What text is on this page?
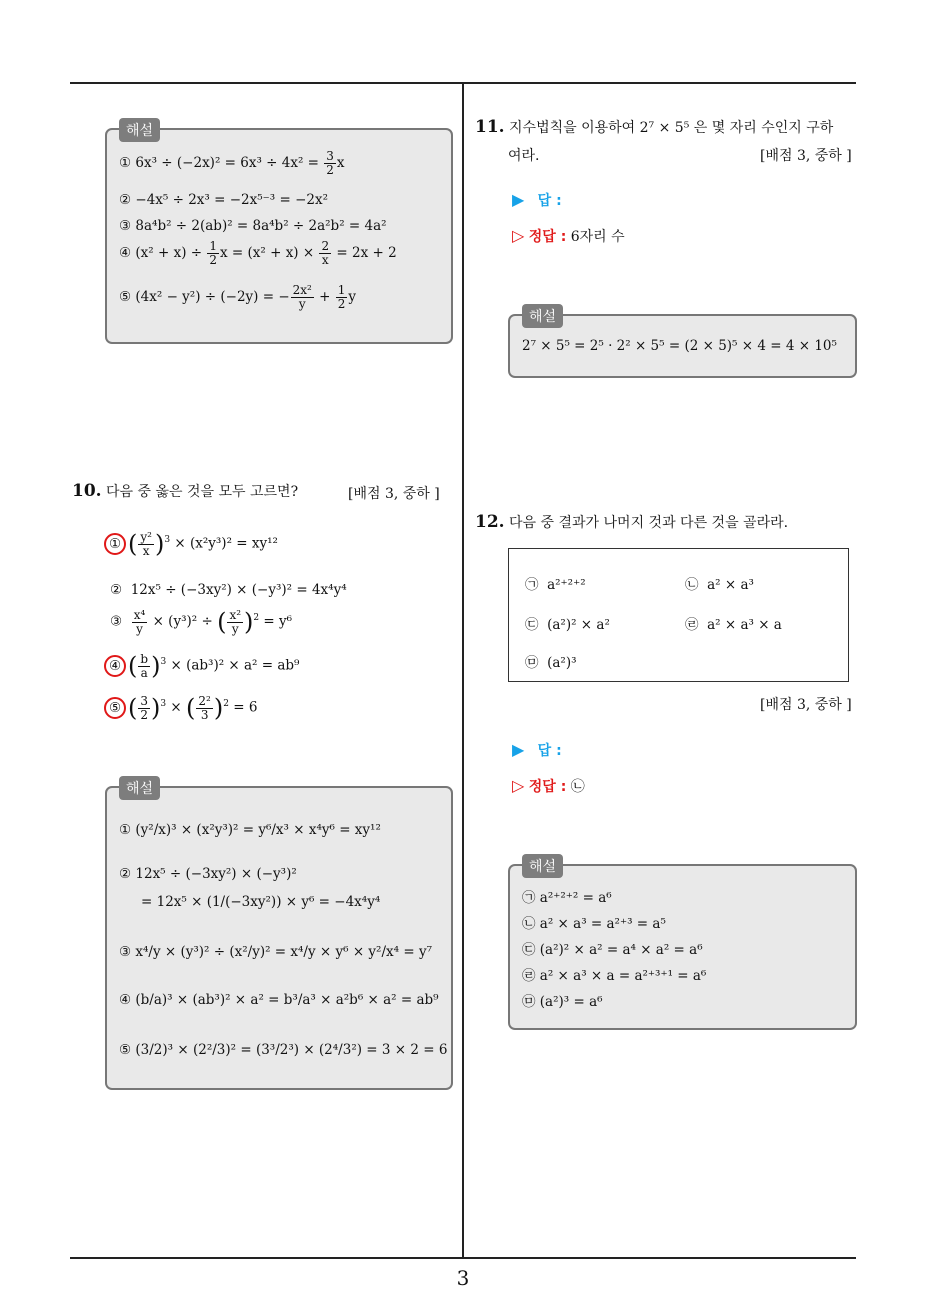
3
해설
① $6x^3 \div (-2x)^2 = 6x^3 \div 4x^2 = \frac{3}{2}$ x
② −4x⁵ ÷ 2x³ = −2x⁵⁻³ = −2x²
③ 8a⁴b² ÷ 2(ab)² = 8a⁴b² ÷ 2a²b² = 4a²
④ $(x^2 + x) \div \frac{1}{2}$ $x = (x^2 + x) \times \frac{2}{x} = 2x + 2$
⑤ (4x² − y²) ÷ (−2y) = − $\frac{\text{2x²}}{y} + \frac{1}{2}$ y
10. 다음 중 옳은 것을 모두 고르면?	[배점 3, 중하 ]
① ( $\frac{\text{y²}}{x} )^3 \times (x^2y^3)^2 = xy^{12}$
② 12x⁵ ÷ (−3xy²) × (−y³)² = 4x⁴y⁴
③ $\frac{\text{x⁴}}{y} \times (y^3)^2$ ÷ ( $\frac{\text{x²}}{y} )^2 = y^6$
④ ( $\frac{b}{a} )^3 \times (ab^3)^2 \times a^2 = ab^9$
⑤ ( $\frac{3}{2} )^3$ × ( $\frac{\text{2²}}{3} )^2 = 6$
해설
① (y²/x)³ × (x²y³)² = y⁶/x³ × x⁴y⁶ = xy¹²
② 12x⁵ ÷ (−3xy²) × (−y³)²
= 12x⁵ × (1/(−3xy²)) × y⁶ = −4x⁴y⁴
③ x⁴/y × (y³)² ÷ (x²/y)² = x⁴/y × y⁶ × y²/x⁴ = y⁷
④ (b/a)³ × (ab³)² × a² = b³/a³ × a²b⁶ × a² = ab⁹
⑤ (3/2)³ × (2²/3)² = (3³/2³) × (2⁴/3²) = 3 × 2 = 6
11. 지수법칙을 이용하여 2⁷ × 5⁵ 은 몇 자리 수인지 구하
여라.	[배점 3, 중하 ]
▶ 답 :
▷ 정답 : 6자리 수
해설
2⁷ × 5⁵ = 2⁵ · 2² × 5⁵ = (2 × 5)⁵ × 4 = 4 × 10⁵
12. 다음 중 결과가 나머지 것과 다른 것을 골라라.
㉠ a²⁺²⁺²	㉡ a² × a³
㉢ (a²)² × a²	㉣ a² × a³ × a
㉤ (a²)³
[배점 3, 중하 ]
▶ 답 :
▷ 정답 : ㉡
해설
㉠ a²⁺²⁺² = a⁶
㉡ a² × a³ = a²⁺³ = a⁵
㉢ (a²)² × a² = a⁴ × a² = a⁶
㉣ a² × a³ × a = a²⁺³⁺¹ = a⁶
㉤ (a²)³ = a⁶
